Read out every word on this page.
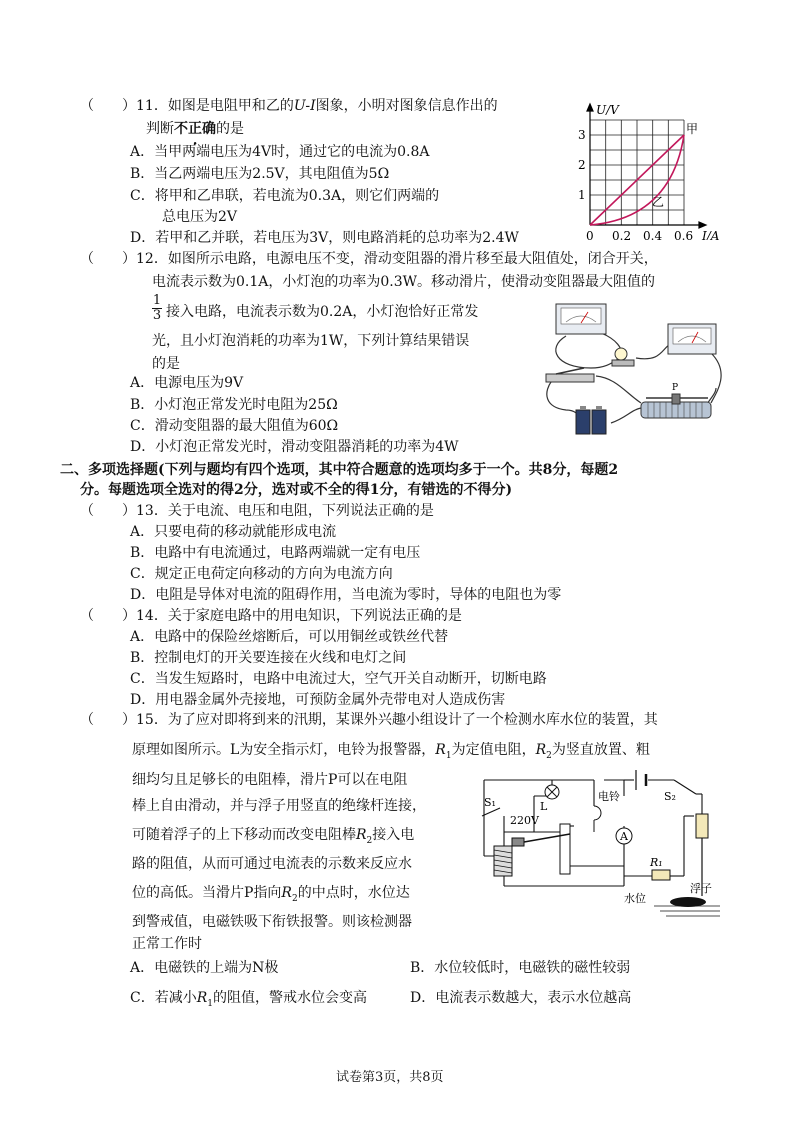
（　　）11．如图是电阻甲和乙的U-I图象，小明对图象信息作出的
判断不正确的是
A．当甲两端电压为4V时，通过它的电流为0.8A
B．当乙两端电压为2.5V，其电阻值为5Ω
C．将甲和乙串联，若电流为0.3A，则它们两端的
总电压为2V
D．若甲和乙并联，若电压为3V，则电路消耗的总功率为2.4W
U/V
I/A
1
2
3
0 0.2 0.4 0.6
甲
乙
（　　）12．如图所示电路，电源电压不变，滑动变阻器的滑片移至最大阻值处，闭合开关，
电流表示数为0.1A，小灯泡的功率为0.3W。移动滑片，使滑动变阻器最大阻值的
$\frac{1}{3}$ 接入电路，电流表示数为0.2A，小灯泡恰好正常发
光，且小灯泡消耗的功率为1W，下列计算结果错误
的是
A．电源电压为9V
B．小灯泡正常发光时电阻为25Ω
C．滑动变阻器的最大阻值为60Ω
D．小灯泡正常发光时，滑动变阻器消耗的功率为4W
P
二、多项选择题(下列与题均有四个选项，其中符合题意的选项均多于一个。共8分，每题2
分。每题选项全选对的得2分，选对或不全的得1分，有错选的不得分)
（　　）13．关于电流、电压和电阻，下列说法正确的是
A．只要电荷的移动就能形成电流
B．电路中有电流通过，电路两端就一定有电压
C．规定正电荷定向移动的方向为电流方向
D．电阻是导体对电流的阻碍作用，当电流为零时，导体的电阻也为零
（　　）14．关于家庭电路中的用电知识，下列说法正确的是
A．电路中的保险丝熔断后，可以用铜丝或铁丝代替
B．控制电灯的开关要连接在火线和电灯之间
C．当发生短路时，电路中电流过大，空气开关自动断开，切断电路
D．用电器金属外壳接地，可预防金属外壳带电对人造成伤害
（　　）15．为了应对即将到来的汛期，某课外兴趣小组设计了一个检测水库水位的装置，其
原理如图所示。L为安全指示灯，电铃为报警器，$R_1$为定值电阻，$R_2$为竖直放置、粗
细均匀且足够长的电阻棒，滑片P可以在电阻
棒上自由滑动，并与浮子用竖直的绝缘杆连接，
可随着浮子的上下移动而改变电阻棒$R_2$接入电
路的阻值，从而可通过电流表的示数来反应水
位的高低。当滑片P指向$R_2$的中点时，水位达
到警戒值，电磁铁吸下衔铁报警。则该检测器
正常工作时
A．电磁铁的上端为N极	B．水位较低时，电磁铁的磁性较弱
C．若减小$R_1$的阻值，警戒水位会变高	D．电流表示数越大，表示水位越高
A
L
S₁	S₂
220V
电铃
R₁
水位
浮子
试卷第3页，共8页
